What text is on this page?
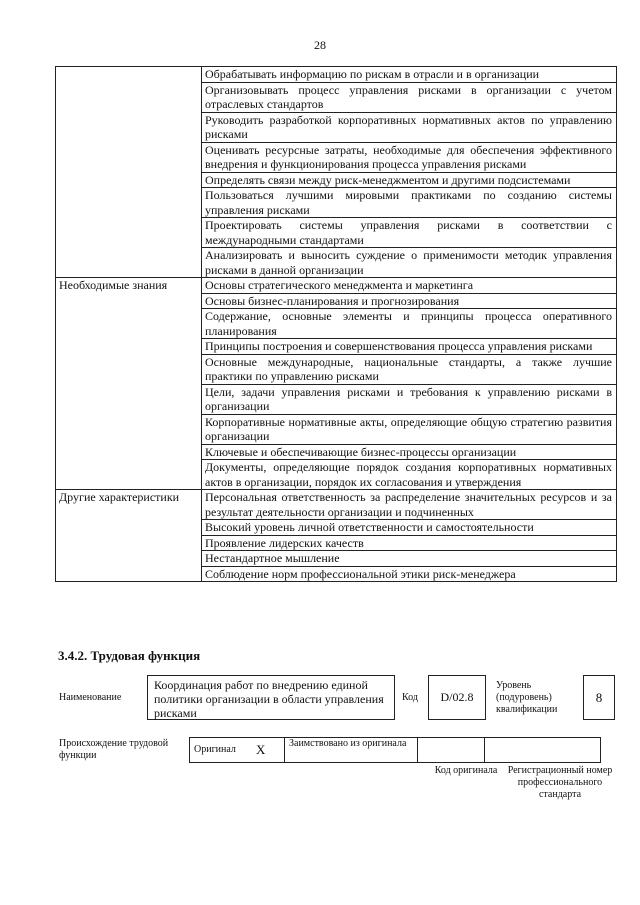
28
	Обрабатывать информацию по рискам в отрасли и в организации
	Организовывать процесс управления рисками в организации с учетом отраслевых стандартов
	Руководить разработкой корпоративных нормативных актов по управлению рисками
	Оценивать ресурсные затраты, необходимые для обеспечения эффективного внедрения и функционирования процесса управления рисками
	Определять связи между риск-менеджментом и другими подсистемами
	Пользоваться лучшими мировыми практиками по созданию системы управления рисками
	Проектировать системы управления рисками в соответствии с международными стандартами
	Анализировать и выносить суждение о применимости методик управления рисками в данной организации
Необходимые знания	Основы стратегического менеджмента и маркетинга
	Основы бизнес-планирования и прогнозирования
	Содержание, основные элементы и принципы процесса оперативного планирования
	Принципы построения и совершенствования процесса управления рисками
	Основные международные, национальные стандарты, а также лучшие практики по управлению рисками
	Цели, задачи управления рисками и требования к управлению рисками в организации
	Корпоративные нормативные акты, определяющие общую стратегию развития организации
	Ключевые и обеспечивающие бизнес-процессы организации
	Документы, определяющие порядок создания корпоративных нормативных актов в организации, порядок их согласования и утверждения
Другие характеристики	Персональная ответственность за распределение значительных ресурсов и за результат деятельности организации и подчиненных
	Высокий уровень личной ответственности и самостоятельности
	Проявление лидерских качеств
	Нестандартное мышление
	Соблюдение норм профессиональной этики риск-менеджера
3.4.2. Трудовая функция
Наименование
Координация работ по внедрению единой политики организации в области управления рисками
Код	D/02.8
Уровень (подуровень) квалификации
8
Происхождение трудовой функции
Оригинал	X	Заимствовано из оригинала		
Код оригинала Регистрационный номер профессионального стандарта
